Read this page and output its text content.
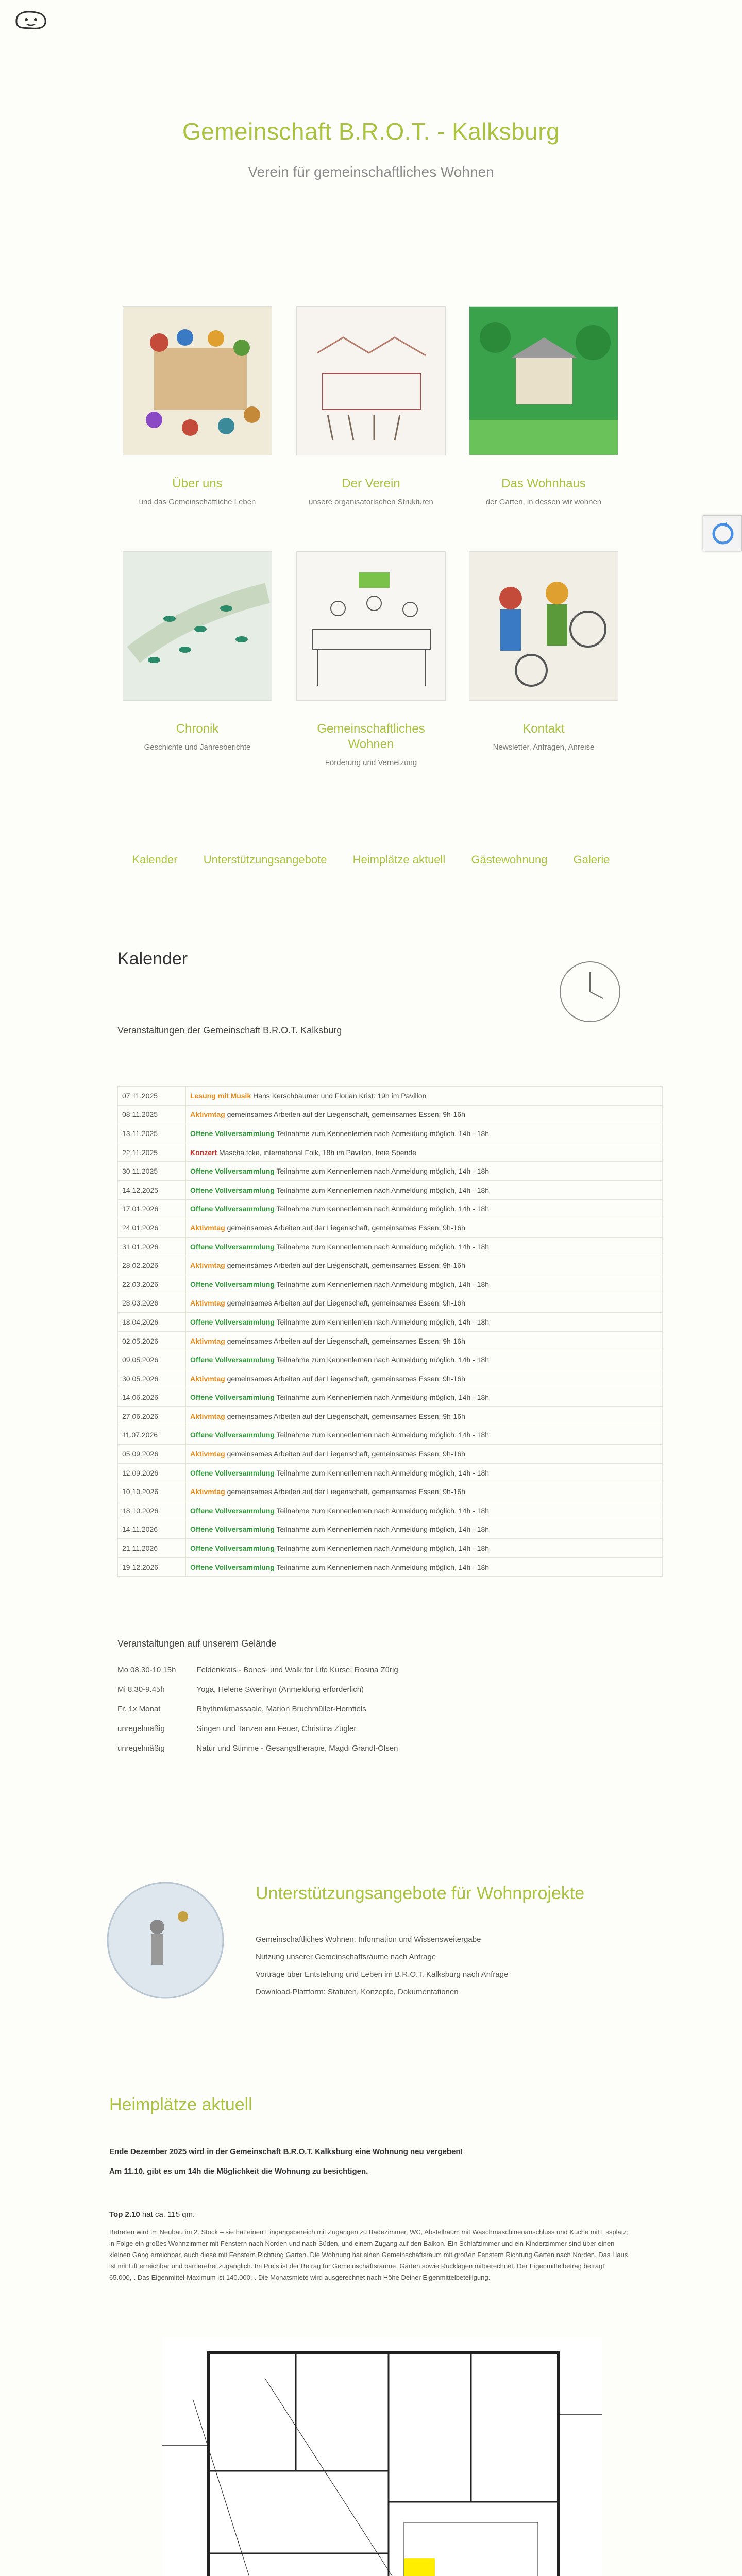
Gemeinschaft B.R.O.T. - Kalksburg
Verein für gemeinschaftliches Wohnen
Über uns
und das Gemeinschaftliche Leben
Der Verein
unsere organisatorischen Strukturen
Das Wohnhaus
der Garten, in dessen wir wohnen
Chronik
Geschichte und Jahresberichte
Gemeinschaftliches Wohnen
Förderung und Vernetzung
Kontakt
Newsletter, Anfragen, Anreise
Kalender Unterstützungsangebote Heimplätze aktuell Gästewohnung Galerie
Kalender
Veranstaltungen der Gemeinschaft B.R.O.T. Kalksburg
07.11.2025	Lesung mit Musik Hans Kerschbaumer und Florian Krist: 19h im Pavillon
08.11.2025	Aktivmtag gemeinsames Arbeiten auf der Liegenschaft, gemeinsames Essen; 9h-16h
13.11.2025	Offene Vollversammlung Teilnahme zum Kennenlernen nach Anmeldung möglich, 14h - 18h
22.11.2025	Konzert Mascha.tcke, international Folk, 18h im Pavillon, freie Spende
30.11.2025	Offene Vollversammlung Teilnahme zum Kennenlernen nach Anmeldung möglich, 14h - 18h
14.12.2025	Offene Vollversammlung Teilnahme zum Kennenlernen nach Anmeldung möglich, 14h - 18h
17.01.2026	Offene Vollversammlung Teilnahme zum Kennenlernen nach Anmeldung möglich, 14h - 18h
24.01.2026	Aktivmtag gemeinsames Arbeiten auf der Liegenschaft, gemeinsames Essen; 9h-16h
31.01.2026	Offene Vollversammlung Teilnahme zum Kennenlernen nach Anmeldung möglich, 14h - 18h
28.02.2026	Aktivmtag gemeinsames Arbeiten auf der Liegenschaft, gemeinsames Essen; 9h-16h
22.03.2026	Offene Vollversammlung Teilnahme zum Kennenlernen nach Anmeldung möglich, 14h - 18h
28.03.2026	Aktivmtag gemeinsames Arbeiten auf der Liegenschaft, gemeinsames Essen; 9h-16h
18.04.2026	Offene Vollversammlung Teilnahme zum Kennenlernen nach Anmeldung möglich, 14h - 18h
02.05.2026	Aktivmtag gemeinsames Arbeiten auf der Liegenschaft, gemeinsames Essen; 9h-16h
09.05.2026	Offene Vollversammlung Teilnahme zum Kennenlernen nach Anmeldung möglich, 14h - 18h
30.05.2026	Aktivmtag gemeinsames Arbeiten auf der Liegenschaft, gemeinsames Essen; 9h-16h
14.06.2026	Offene Vollversammlung Teilnahme zum Kennenlernen nach Anmeldung möglich, 14h - 18h
27.06.2026	Aktivmtag gemeinsames Arbeiten auf der Liegenschaft, gemeinsames Essen; 9h-16h
11.07.2026	Offene Vollversammlung Teilnahme zum Kennenlernen nach Anmeldung möglich, 14h - 18h
05.09.2026	Aktivmtag gemeinsames Arbeiten auf der Liegenschaft, gemeinsames Essen; 9h-16h
12.09.2026	Offene Vollversammlung Teilnahme zum Kennenlernen nach Anmeldung möglich, 14h - 18h
10.10.2026	Aktivmtag gemeinsames Arbeiten auf der Liegenschaft, gemeinsames Essen; 9h-16h
18.10.2026	Offene Vollversammlung Teilnahme zum Kennenlernen nach Anmeldung möglich, 14h - 18h
14.11.2026	Offene Vollversammlung Teilnahme zum Kennenlernen nach Anmeldung möglich, 14h - 18h
21.11.2026	Offene Vollversammlung Teilnahme zum Kennenlernen nach Anmeldung möglich, 14h - 18h
19.12.2026	Offene Vollversammlung Teilnahme zum Kennenlernen nach Anmeldung möglich, 14h - 18h
Veranstaltungen auf unserem Gelände
Mo 08.30-10.15h	Feldenkrais - Bones- und Walk for Life Kurse; Rosina Zürig
Mi 8.30-9.45h	Yoga, Helene Swerinyn (Anmeldung erforderlich)
Fr. 1x Monat	Rhythmikmassaale, Marion Bruchmüller-Herntiels
unregelmäßig	Singen und Tanzen am Feuer, Christina Zügler
unregelmäßig	Natur und Stimme - Gesangstherapie, Magdi Grandl-Olsen
Unterstützungsangebote für Wohnprojekte
Gemeinschaftliches Wohnen: Information und Wissensweitergabe
Nutzung unserer Gemeinschaftsräume nach Anfrage
Vorträge über Entstehung und Leben im B.R.O.T. Kalksburg nach Anfrage
Download-Plattform: Statuten, Konzepte, Dokumentationen
Heimplätze aktuell
Ende Dezember 2025 wird in der Gemeinschaft B.R.O.T. Kalksburg eine Wohnung neu vergeben!
Am 11.10. gibt es um 14h die Möglichkeit die Wohnung zu besichtigen.
Top 2.10 hat ca. 115 qm.
Betreten wird im Neubau im 2. Stock – sie hat einen Eingangsbereich mit Zugängen zu Badezimmer, WC, Abstellraum mit Waschmaschinenanschluss und Küche mit Essplatz; in Folge ein großes Wohnzimmer mit Fenstern nach Norden und nach Süden, und einem Zugang auf den Balkon. Ein Schlafzimmer und ein Kinderzimmer sind über einen kleinen Gang erreichbar, auch diese mit Fenstern Richtung Garten. Die Wohnung hat einen Gemeinschaftsraum mit großen Fenstern Richtung Garten nach Norden. Das Haus ist mit Lift erreichbar und barrierefrei zugänglich. Im Preis ist der Betrag für Gemeinschaftsräume, Garten sowie Rücklagen mitberechnet. Der Eigenmittelbetrag beträgt 65.000,-. Das Eigenmittel-Maximum ist 140.000,-. Die Monatsmiete wird ausgerechnet nach Höhe Deiner Eigenmittelbeteiligung.
